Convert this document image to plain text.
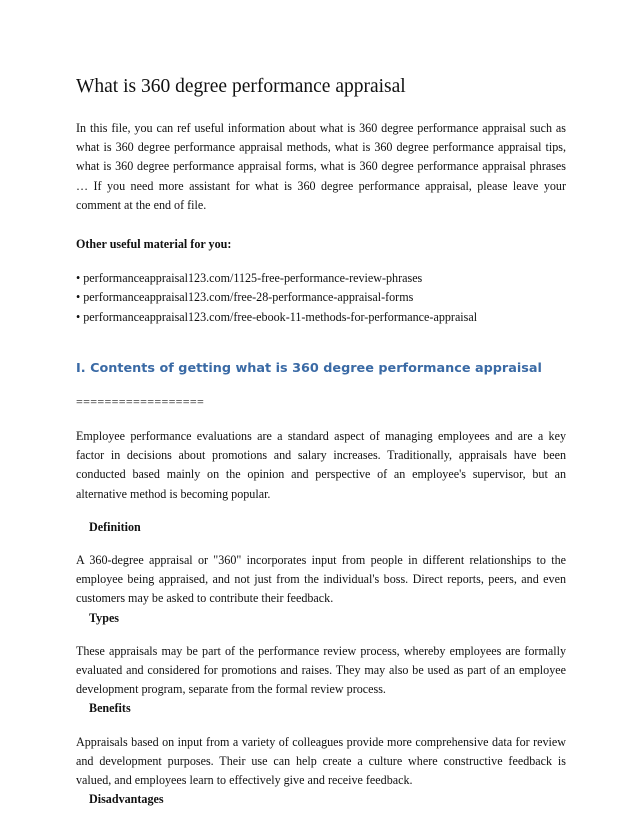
What is 360 degree performance appraisal

In this file, you can ref useful information about what is 360 degree performance appraisal such as what is 360 degree performance appraisal methods, what is 360 degree performance appraisal tips, what is 360 degree performance appraisal forms, what is 360 degree performance appraisal phrases … If you need more assistant for what is 360 degree performance appraisal, please leave your comment at the end of file.

Other useful material for you:

• performanceappraisal123.com/1125-free-performance-review-phrases
• performanceappraisal123.com/free-28-performance-appraisal-forms
• performanceappraisal123.com/free-ebook-11-methods-for-performance-appraisal
I. Contents of getting what is 360 degree performance appraisal

==================

Employee performance evaluations are a standard aspect of managing employees and are a key factor in decisions about promotions and salary increases. Traditionally, appraisals have been conducted based mainly on the opinion and perspective of an employee's supervisor, but an alternative method is becoming popular.

Definition

A 360-degree appraisal or "360" incorporates input from people in different relationships to the employee being appraised, and not just from the individual's boss. Direct reports, peers, and even customers may be asked to contribute their feedback.

Types

These appraisals may be part of the performance review process, whereby employees are formally evaluated and considered for promotions and raises. They may also be used as part of an employee development program, separate from the formal review process.

Benefits

Appraisals based on input from a variety of colleagues provide more comprehensive data for review and development purposes. Their use can help create a culture where constructive feedback is valued, and employees learn to effectively give and receive feedback.

Disadvantages
